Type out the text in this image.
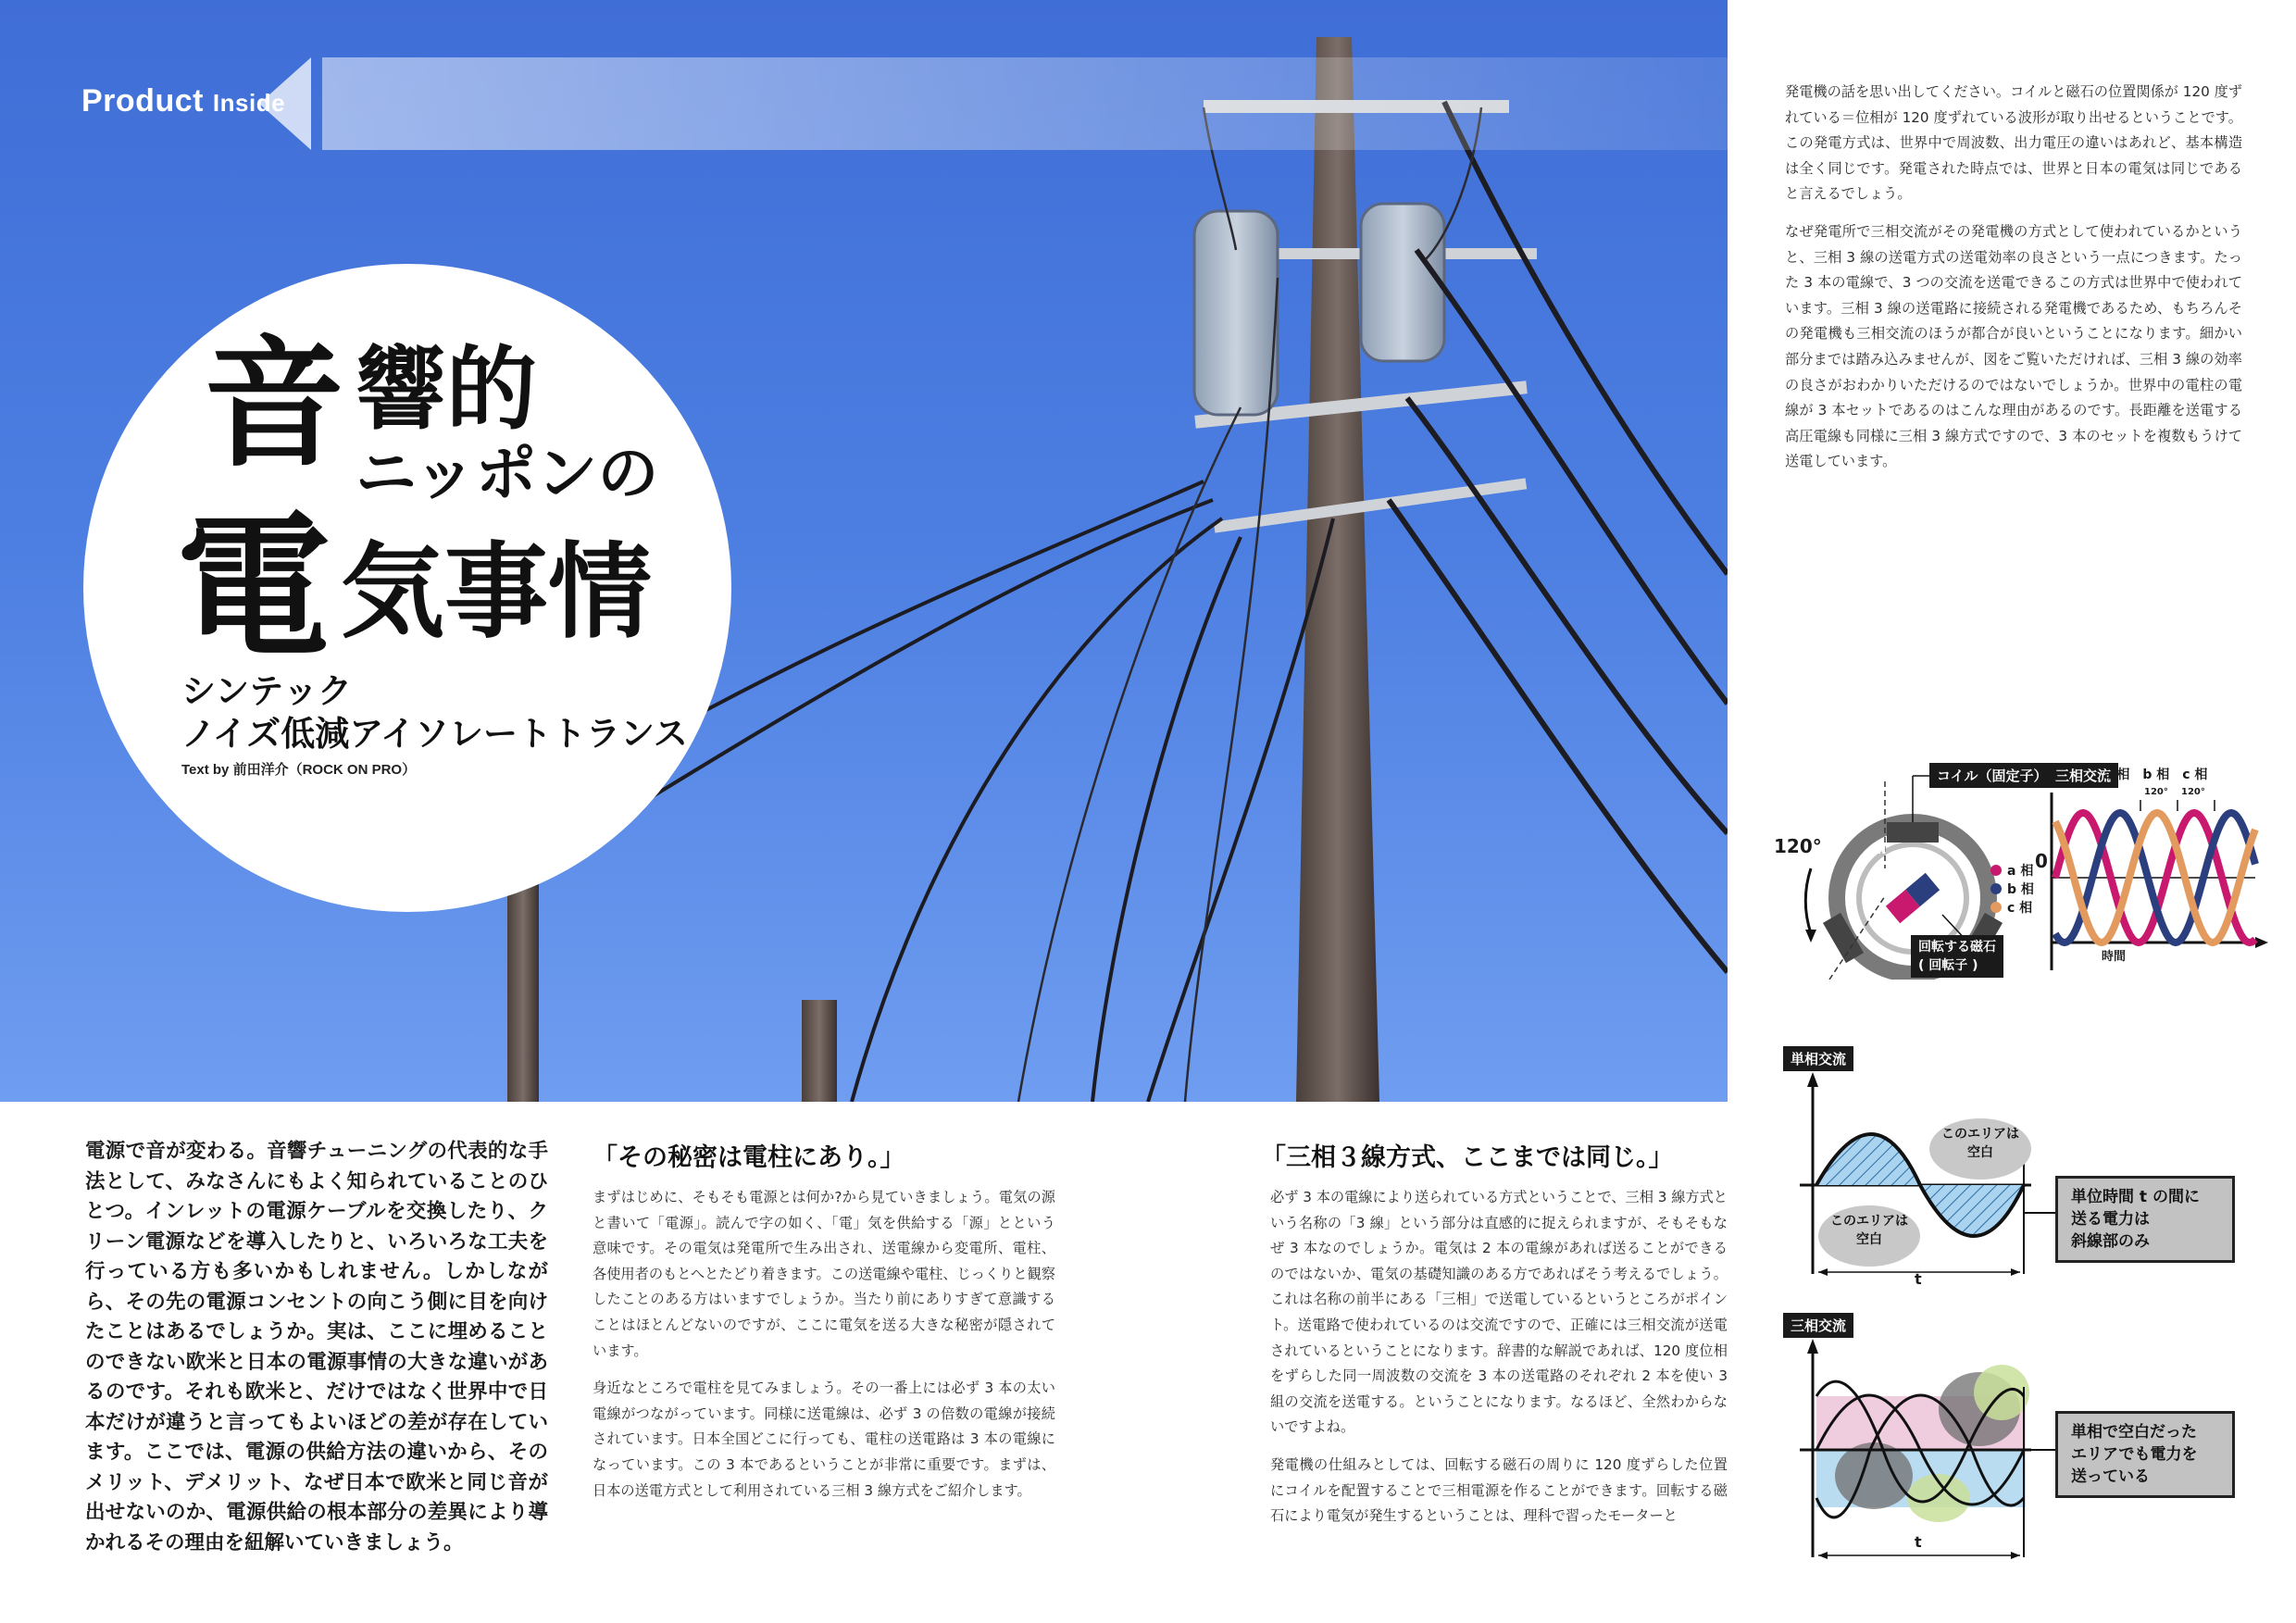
Product Inside
音 響的
ニッポンの
電 気事情
シンテック
ノイズ低減アイソレートトランス
Text by 前田洋介（ROCK ON PRO）
電源で音が変わる。音響チューニングの代表的な手法として、みなさんにもよく知られていることのひとつ。インレットの電源ケーブルを交換したり、クリーン電源などを導入したりと、いろいろな工夫を行っている方も多いかもしれません。しかしながら、その先の電源コンセントの向こう側に目を向けたことはあるでしょうか。実は、ここに埋めることのできない欧米と日本の電源事情の大きな違いがあるのです。それも欧米と、だけではなく世界中で日本だけが違うと言ってもよいほどの差が存在しています。ここでは、電源の供給方法の違いから、そのメリット、デメリット、なぜ日本で欧米と同じ音が出せないのか、電源供給の根本部分の差異により導かれるその理由を紐解いていきましょう。
「その秘密は電柱にあり。」

まずはじめに、そもそも電源とは何か?から見ていきましょう。電気の源と書いて「電源」。読んで字の如く、「電」気を供給する「源」とという意味です。その電気は発電所で生み出され、送電線から変電所、電柱、各使用者のもとへとたどり着きます。この送電線や電柱、じっくりと観察したことのある方はいますでしょうか。当たり前にありすぎて意識することはほとんどないのですが、ここに電気を送る大きな秘密が隠されています。

身近なところで電柱を見てみましょう。その一番上には必ず 3 本の太い電線がつながっています。同様に送電線は、必ず 3 の倍数の電線が接続されています。日本全国どこに行っても、電柱の送電路は 3 本の電線になっています。この 3 本であるということが非常に重要です。まずは、日本の送電方式として利用されている三相 3 線方式をご紹介します。

「三相３線方式、ここまでは同じ。」

必ず 3 本の電線により送られている方式ということで、三相 3 線方式という名称の「3 線」という部分は直感的に捉えられますが、そもそもなぜ 3 本なのでしょうか。電気は 2 本の電線があれば送ることができるのではないか、電気の基礎知識のある方であればそう考えるでしょう。これは名称の前半にある「三相」で送電しているというところがポイント。送電路で使われているのは交流ですので、正確には三相交流が送電されているということになります。辞書的な解説であれば、120 度位相をずらした同一周波数の交流を 3 本の送電路のそれぞれ 2 本を使い 3 組の交流を送電する。ということになります。なるほど、全然わからないですよね。

発電機の仕組みとしては、回転する磁石の周りに 120 度ずらした位置にコイルを配置することで三相電源を作ることができます。回転する磁石により電気が発生するということは、理科で習ったモーターと

発電機の話を思い出してください。コイルと磁石の位置関係が 120 度ずれている＝位相が 120 度ずれている波形が取り出せるということです。この発電方式は、世界中で周波数、出力電圧の違いはあれど、基本構造は全く同じです。発電された時点では、世界と日本の電気は同じであると言えるでしょう。

なぜ発電所で三相交流がその発電機の方式として使われているかというと、三相 3 線の送電方式の送電効率の良さという一点につきます。たった 3 本の電線で、3 つの交流を送電できるこの方式は世界中で使われています。三相 3 線の送電路に接続される発電機であるため、もちろんその発電機も三相交流のほうが都合が良いということになります。細かい部分までは踏み込みませんが、図をご覧いただければ、三相 3 線の効率の良さがおわかりいただけるのではないでしょうか。世界中の電柱の電線が 3 本セットであるのはこんな理由があるのです。長距離を送電する高圧電線も同様に三相 3 線方式ですので、3 本のセットを複数もうけて送電しています。

コイル（固定子） 三相交流
a 相　b 相　c 相
120° 120°
120°
a 相
b 相
c 相
0
時間
N
S
回転する磁石
( 回転子 )
単相交流
このエリアは
空白
このエリアは
空白
単位時間 t の間に
送る電力は
斜線部のみ
t
三相交流
単相で空白だった
エリアでも電力を
送っている
t
